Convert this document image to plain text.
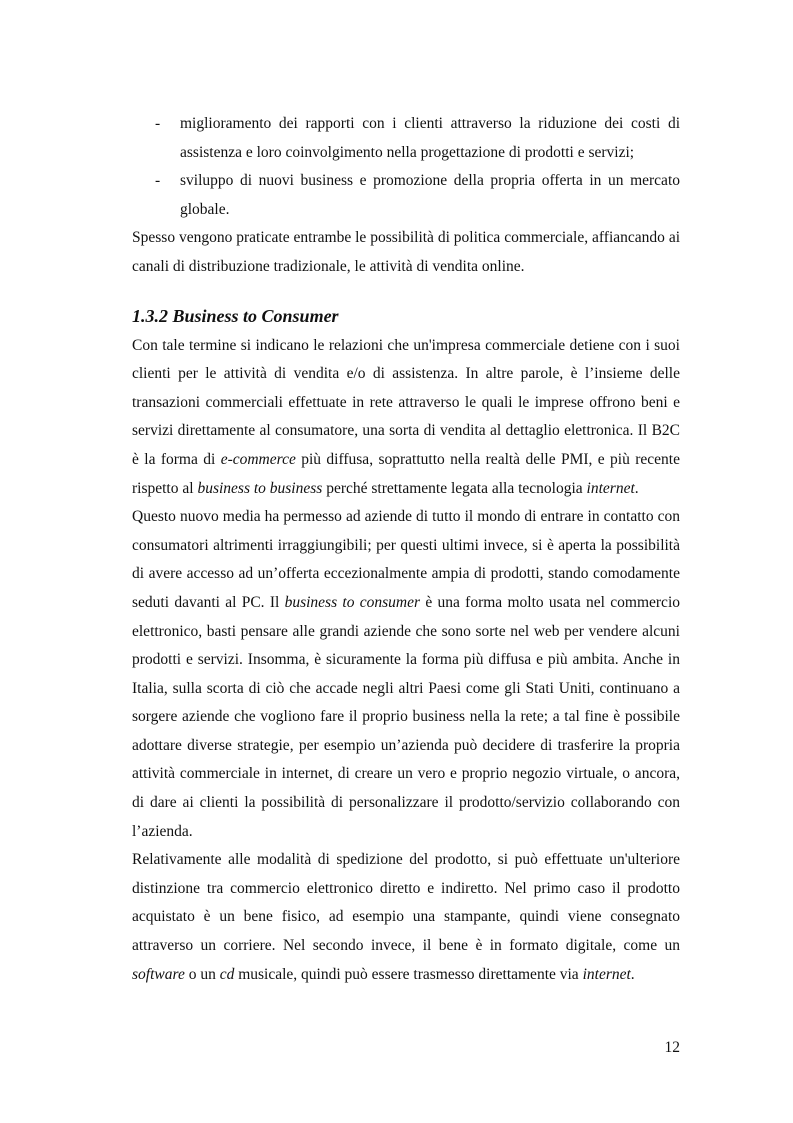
- miglioramento dei rapporti con i clienti attraverso la riduzione dei costi di assistenza e loro coinvolgimento nella progettazione di prodotti e servizi;
- sviluppo di nuovi business e promozione della propria offerta in un mercato globale.

Spesso vengono praticate entrambe le possibilità di politica commerciale, affiancando ai canali di distribuzione tradizionale, le attività di vendita online.

1.3.2 Business to Consumer

Con tale termine si indicano le relazioni che un'impresa commerciale detiene con i suoi clienti per le attività di vendita e/o di assistenza. In altre parole, è l’insieme delle transazioni commerciali effettuate in rete attraverso le quali le imprese offrono beni e servizi direttamente al consumatore, una sorta di vendita al dettaglio elettronica. Il B2C è la forma di e-commerce più diffusa, soprattutto nella realtà delle PMI, e più recente rispetto al business to business perché strettamente legata alla tecnologia internet.

Questo nuovo media ha permesso ad aziende di tutto il mondo di entrare in contatto con consumatori altrimenti irraggiungibili; per questi ultimi invece, si è aperta la possibilità di avere accesso ad un’offerta eccezionalmente ampia di prodotti, stando comodamente seduti davanti al PC. Il business to consumer è una forma molto usata nel commercio elettronico, basti pensare alle grandi aziende che sono sorte nel web per vendere alcuni prodotti e servizi. Insomma, è sicuramente la forma più diffusa e più ambita. Anche in Italia, sulla scorta di ciò che accade negli altri Paesi come gli Stati Uniti, continuano a sorgere aziende che vogliono fare il proprio business nella la rete; a tal fine è possibile adottare diverse strategie, per esempio un’azienda può decidere di trasferire la propria attività commerciale in internet, di creare un vero e proprio negozio virtuale, o ancora, di dare ai clienti la possibilità di personalizzare il prodotto/servizio collaborando con l’azienda.

Relativamente alle modalità di spedizione del prodotto, si può effettuate un'ulteriore distinzione tra commercio elettronico diretto e indiretto. Nel primo caso il prodotto acquistato è un bene fisico, ad esempio una stampante, quindi viene consegnato attraverso un corriere. Nel secondo invece, il bene è in formato digitale, come un software o un cd musicale, quindi può essere trasmesso direttamente via internet.

12
